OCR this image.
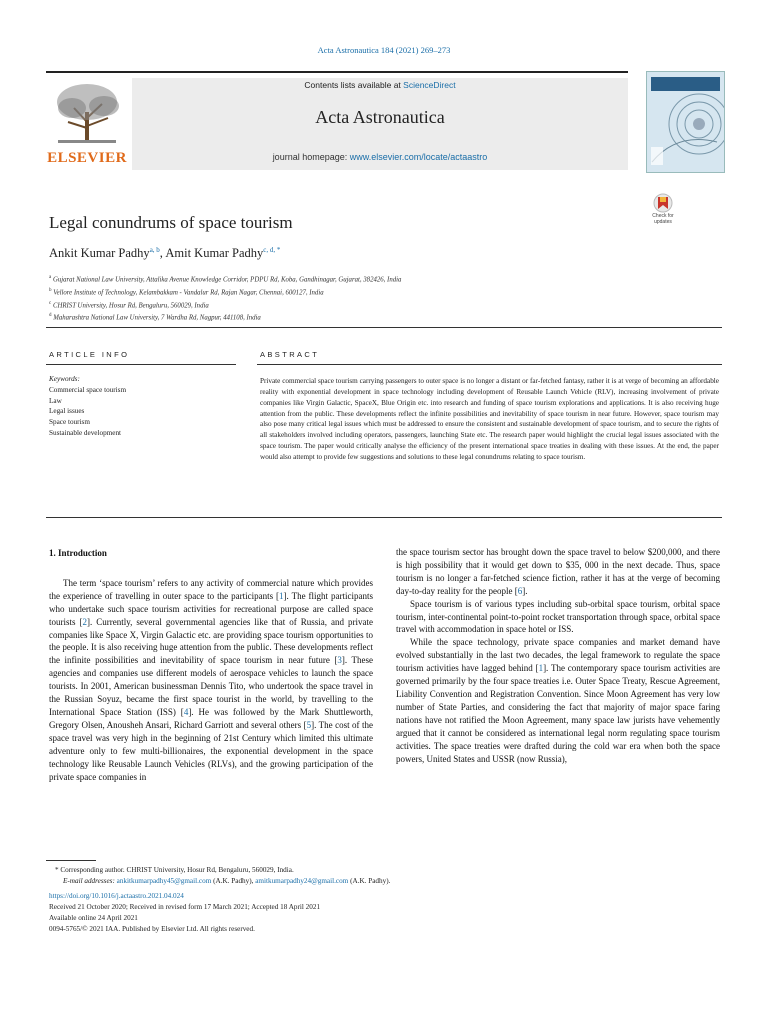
Acta Astronautica 184 (2021) 269–273
ELSEVIER
Contents lists available at ScienceDirect
Acta Astronautica
journal homepage: www.elsevier.com/locate/actaastro
Check for updates
Legal conundrums of space tourism
Ankit Kumar Padhy$^{a, b}$, Amit Kumar Padhy$^{c, d, *}$
$^a$ Gujarat National Law University, Attalika Avenue Knowledge Corridor, PDPU Rd, Koba, Gandhinagar, Gujarat, 382426, India
$^b$ Vellore Institute of Technology, Kelambakkam - Vandalur Rd, Rajan Nagar, Chennai, 600127, India
$^c$ CHRIST University, Hosur Rd, Bengaluru, 560029, India
$^d$ Maharashtra National Law University, 7 Wardha Rd, Nagpur, 441108, India
ARTICLE INFO
Keywords:
Commercial space tourism
Law
Legal issues
Space tourism
Sustainable development
ABSTRACT
Private commercial space tourism carrying passengers to outer space is no longer a distant or far-fetched fantasy, rather it is at verge of becoming an affordable reality with exponential development in space technology including development of Reusable Launch Vehicle (RLV), increasing involvement of private companies like Virgin Galactic, SpaceX, Blue Origin etc. into research and funding of space tourism explorations and applications. It is also receiving huge attention from the public. These developments reflect the infinite possibilities and inevitability of space tourism in near future. However, space tourism may also pose many critical legal issues which must be addressed to ensure the consistent and sustainable development of space tourism, and to secure the rights of all stakeholders involved including operators, passengers, launching State etc. The research paper would highlight the crucial legal issues associated with the space tourism. The paper would critically analyse the efficiency of the present international space treaties in dealing with these issues. At the end, the paper would also attempt to provide few suggestions and solutions to these legal conundrums relating to space tourism.
1. Introduction

The term ‘space tourism’ refers to any activity of commercial nature which provides the experience of travelling in outer space to the participants [1]. The flight participants who undertake such space tourism activities for recreational purpose are called space tourists [2]. Currently, several governmental agencies like that of Russia, and private companies like Space X, Virgin Galactic etc. are providing space tourism opportunities to the people. It is also receiving huge attention from the public. These developments reflect the infinite possibilities and inevitability of space tourism in near future [3]. These agencies and companies use different models of aerospace vehicles to launch the space tourists. In 2001, American businessman Dennis Tito, who undertook the space travel in the Russian Soyuz, became the first space tourist in the world, by travelling to the International Space Station (ISS) [4]. He was followed by the Mark Shuttleworth, Gregory Olsen, Anousheh Ansari, Richard Garriott and several others [5]. The cost of the space travel was very high in the beginning of 21st Century which limited this ultimate adventure only to few multi-billionaires, the exponential development in the space technology like Reusable Launch Vehicles (RLVs), and the growing participation of the private space companies in

the space tourism sector has brought down the space travel to below $200,000, and there is high possibility that it would get down to $35, 000 in the next decade. Thus, space tourism is no longer a far-fetched science fiction, rather it has at the verge of becoming day-to-day reality for the people [6].

Space tourism is of various types including sub-orbital space tourism, orbital space tourism, inter-continental point-to-point rocket transportation through space, orbital space travel with accommodation in space hotel or ISS.

While the space technology, private space companies and market demand have evolved substantially in the last two decades, the legal framework to regulate the space tourism activities have lagged behind [1]. The contemporary space tourism activities are governed primarily by the four space treaties i.e. Outer Space Treaty, Rescue Agreement, Liability Convention and Registration Convention. Since Moon Agreement has very low number of State Parties, and considering the fact that majority of major space faring nations have not ratified the Moon Agreement, many space law jurists have vehemently argued that it cannot be considered as international legal norm regulating space tourism activities. The space treaties were drafted during the cold war era when both the space powers, United States and USSR (now Russia),

* Corresponding author. CHRIST University, Hosur Rd, Bengaluru, 560029, India.

E-mail addresses: ankitkumarpadhy45@gmail.com (A.K. Padhy), amitkumarpadhy24@gmail.com (A.K. Padhy).

https://doi.org/10.1016/j.actaastro.2021.04.024

Received 21 October 2020; Received in revised form 17 March 2021; Accepted 18 April 2021

Available online 24 April 2021

0094-5765/© 2021 IAA. Published by Elsevier Ltd. All rights reserved.
